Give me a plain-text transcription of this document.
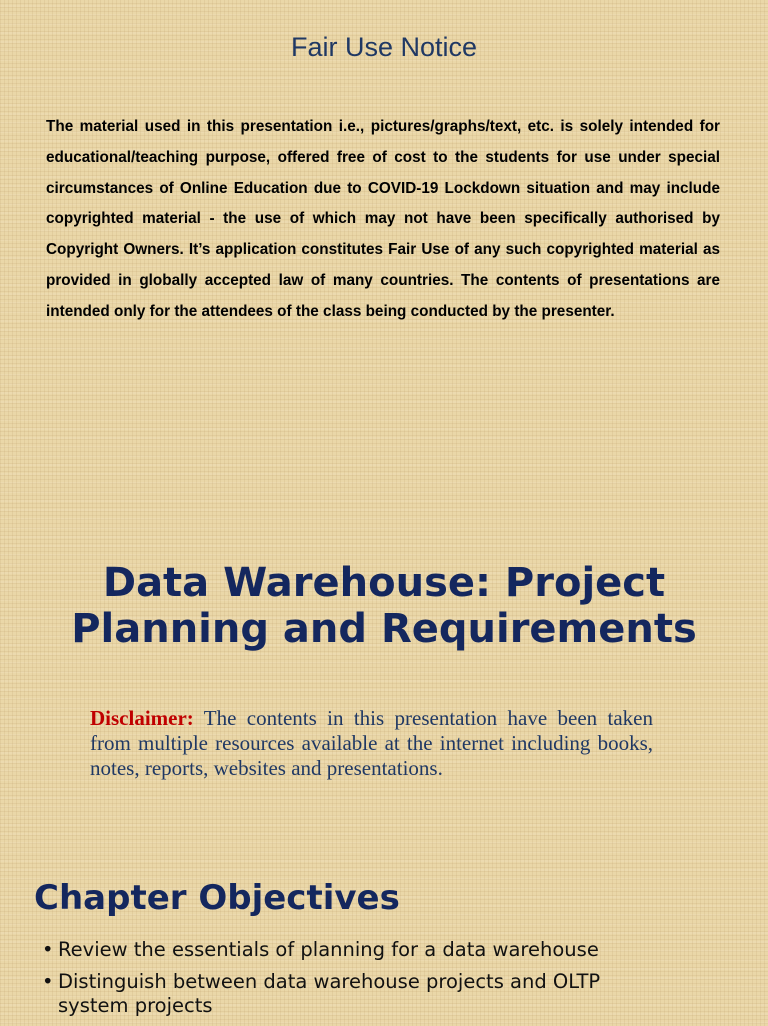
Fair Use Notice
The material used in this presentation i.e., pictures/graphs/text, etc. is solely intended for educational/teaching purpose, offered free of cost to the students for use under special circumstances of Online Education due to COVID-19 Lockdown situation and may include copyrighted material - the use of which may not have been specifically authorised by Copyright Owners. It’s application constitutes Fair Use of any such copyrighted material as provided in globally accepted law of many countries. The contents of presentations are intended only for the attendees of the class being conducted by the presenter.
Data Warehouse: Project
Planning and Requirements
Disclaimer: The contents in this presentation have been taken from multiple resources available at the internet including books, notes, reports, websites and presentations.
Chapter Objectives
• Review the essentials of planning for a data warehouse
• Distinguish between data warehouse projects and OLTP system projects
